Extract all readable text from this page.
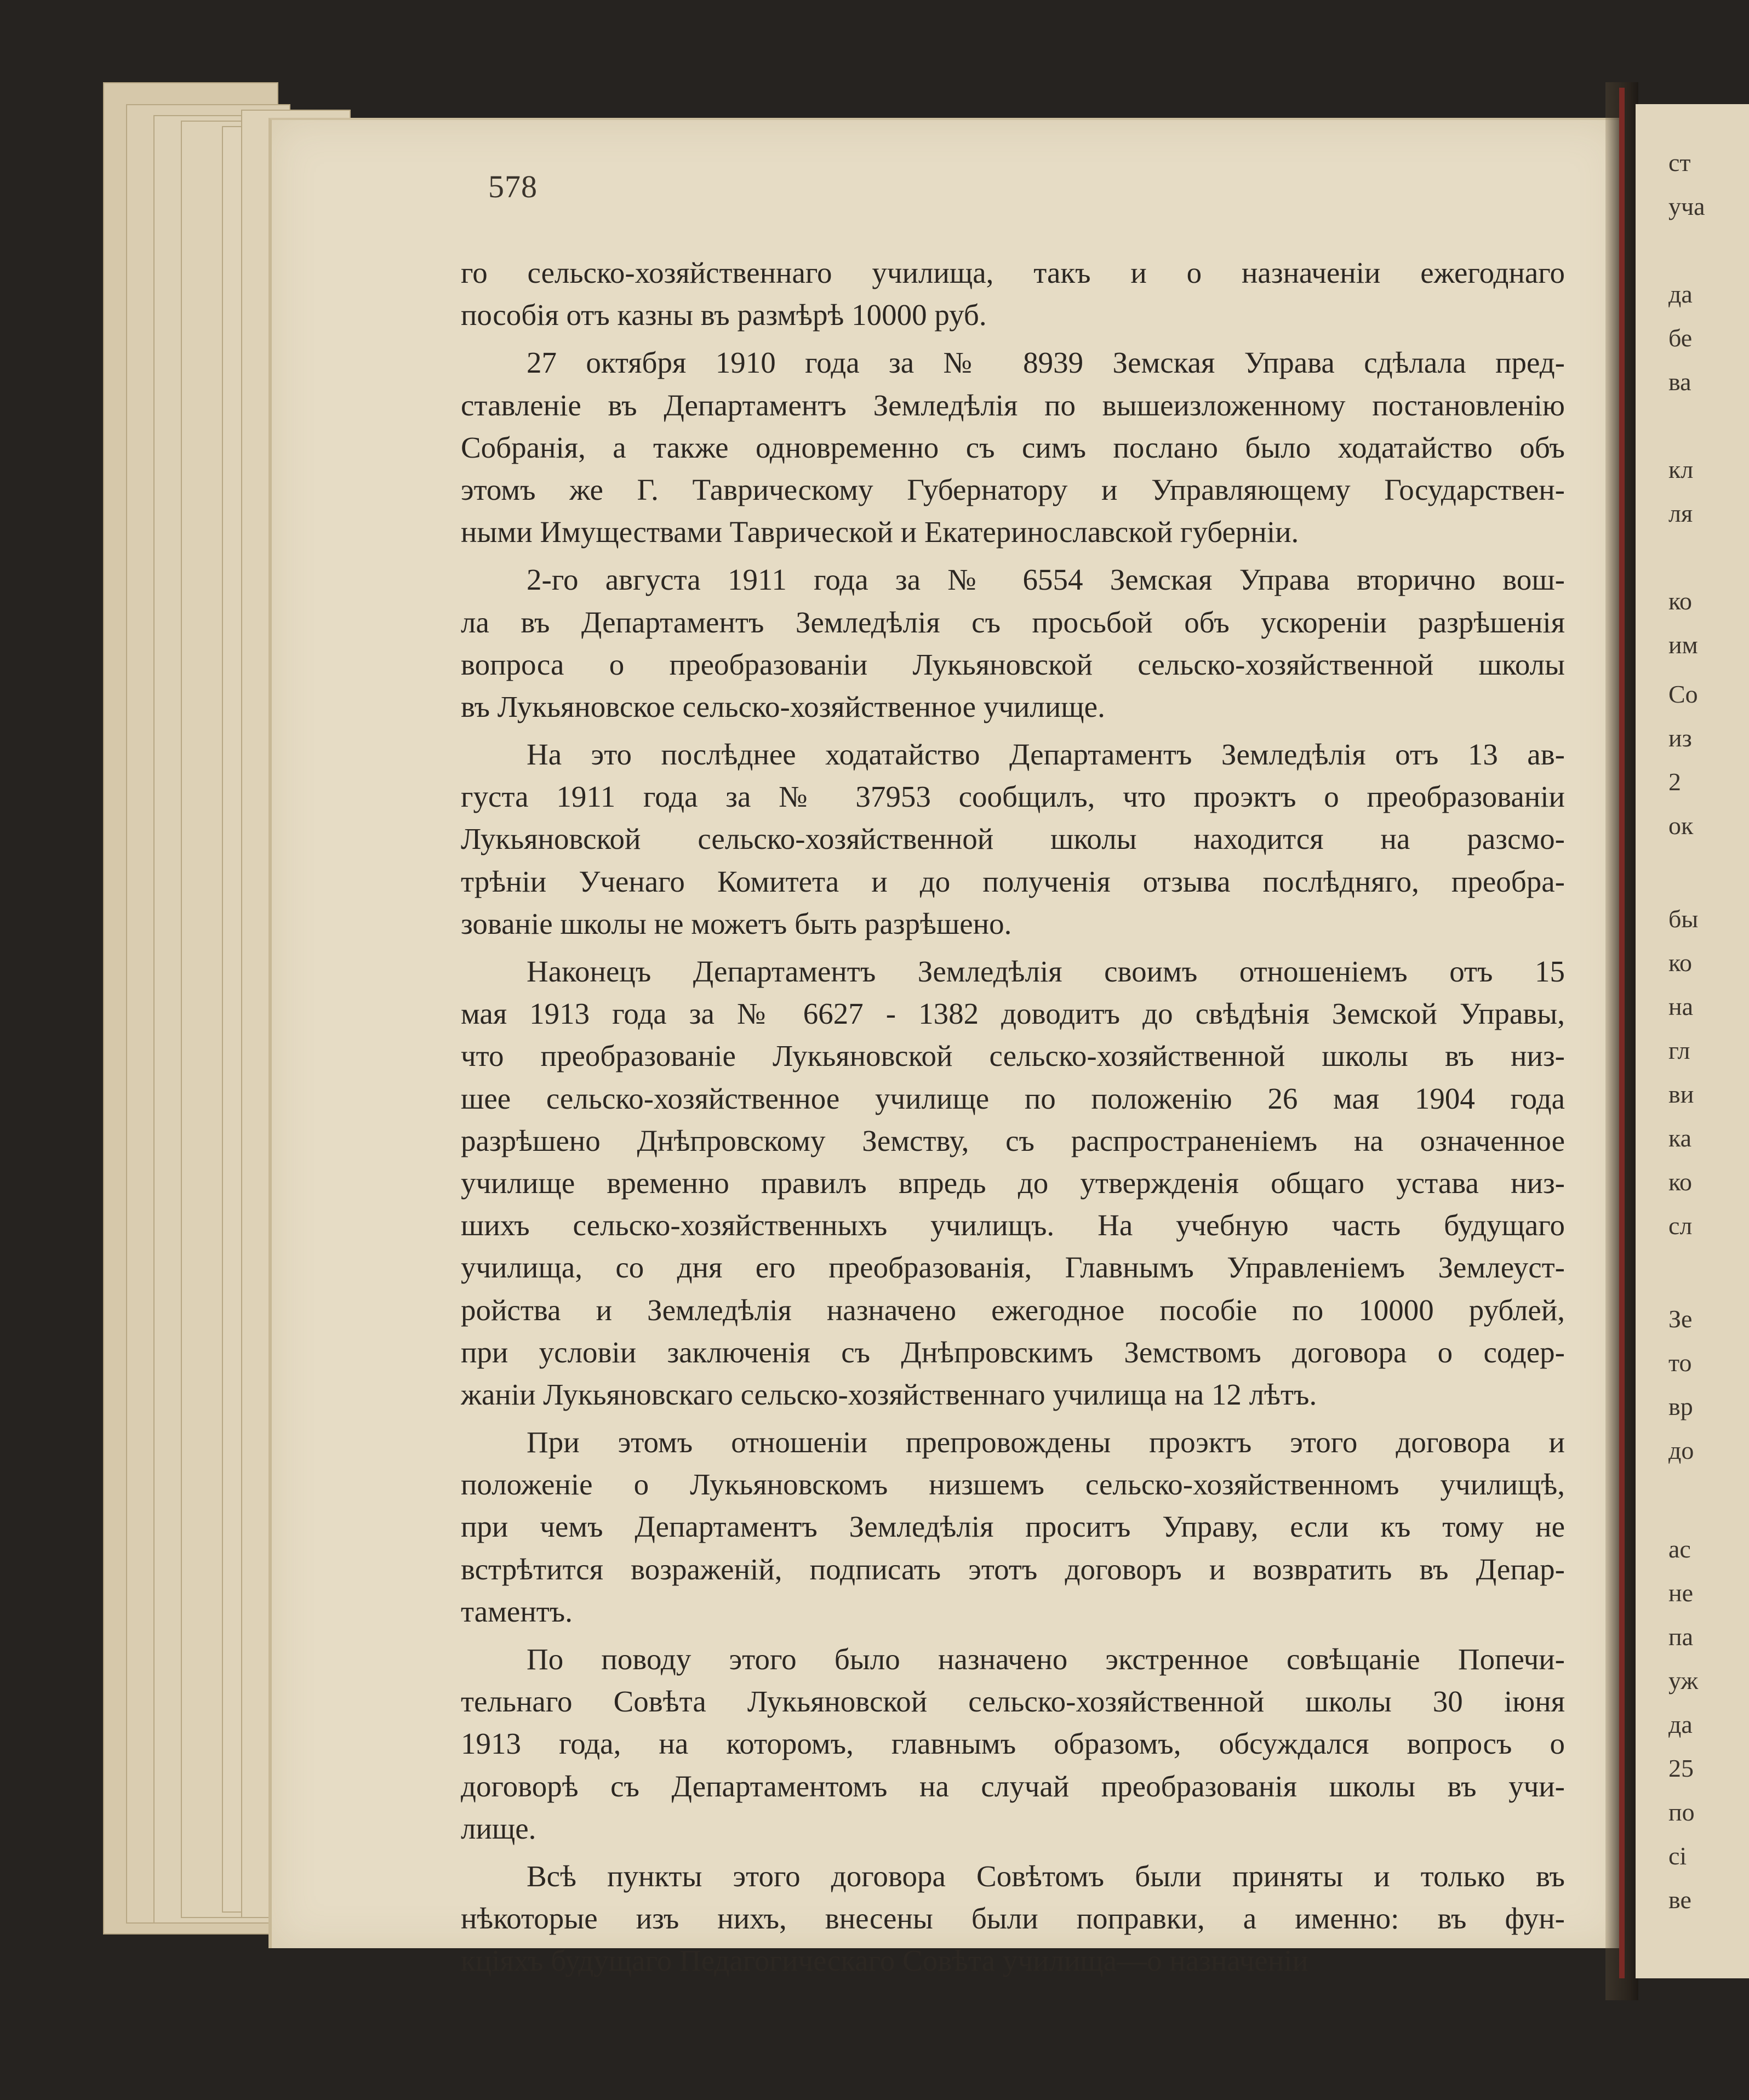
578
го сельско-хозяйственнаго училища, такъ и о назначенiи ежегоднаго
пособiя отъ казны въ размѣрѣ 10000 руб.
27 октября 1910 года за № 8939 Земская Управа сдѣлала пред-
ставленiе въ Департаментъ Земледѣлiя по вышеизложенному постановленiю
Собранiя, а также одновременно съ симъ послано было ходатайство объ
этомъ же Г. Таврическому Губернатору и Управляющему Государствен-
ными Имуществами Таврической и Екатеринославской губернiи.
2-го августа 1911 года за № 6554 Земская Управа вторично вош-
ла въ Департаментъ Земледѣлiя съ просьбой объ ускоренiи разрѣшенiя
вопроса о преобразованiи Лукьяновской сельско-хозяйственной школы
въ Лукьяновское сельско-хозяйственное училище.
На это послѣднее ходатайство Департаментъ Земледѣлiя отъ 13 ав-
густа 1911 года за № 37953 сообщилъ, что проэктъ о преобразованiи
Лукьяновской сельско-хозяйственной школы находится на разсмо-
трѣнiи Ученаго Комитета и до полученiя отзыва послѣдняго, преобра-
зованiе школы не можетъ быть разрѣшено.
Наконецъ Департаментъ Земледѣлiя своимъ отношенiемъ отъ 15
мая 1913 года за № 6627 - 1382 доводитъ до свѣдѣнiя Земской Управы,
что преобразованiе Лукьяновской сельско-хозяйственной школы въ низ-
шее сельско-хозяйственное училище по положенiю 26 мая 1904 года
разрѣшено Днѣпровскому Земству, съ распространенiемъ на означенное
училище временно правилъ впредь до утвержденiя общаго устава низ-
шихъ сельско-хозяйственныхъ училищъ. На учебную часть будущаго
училища, со дня его преобразованiя, Главнымъ Управленiемъ Землеуст-
ройства и Земледѣлiя назначено ежегодное пособiе по 10000 рублей,
при условiи заключенiя съ Днѣпровскимъ Земствомъ договора о содер-
жанiи Лукьяновскаго сельско-хозяйственнаго училища на 12 лѣтъ.
При этомъ отношенiи препровождены проэктъ этого договора и
положенiе о Лукьяновскомъ низшемъ сельско-хозяйственномъ училищѣ,
при чемъ Департаментъ Земледѣлiя проситъ Управу, если къ тому не
встрѣтится возраженiй, подписать этотъ договоръ и возвратить въ Депар-
таментъ.
По поводу этого было назначено экстренное совѣщанiе Попечи-
тельнаго Совѣта Лукьяновской сельско-хозяйственной школы 30 iюня
1913 года, на которомъ, главнымъ образомъ, обсуждался вопросъ о
договорѣ съ Департаментомъ на случай преобразованiя школы въ учи-
лище.
Всѣ пункты этого договора Совѣтомъ были приняты и только въ
нѣкоторые изъ нихъ, внесены были поправки, а именно: въ фун-
кцiяхъ будущаго Педагогическаго Совѣта училища—о назначенiи
ст
уча
да
бе
ва
кл
ля
ко
им
Со
из
2
ок
бы
ко
на
гл
ви
ка
ко
сл
Зе
то
вр
до
ас
не
па
уж
да
25
по
сі
ве
